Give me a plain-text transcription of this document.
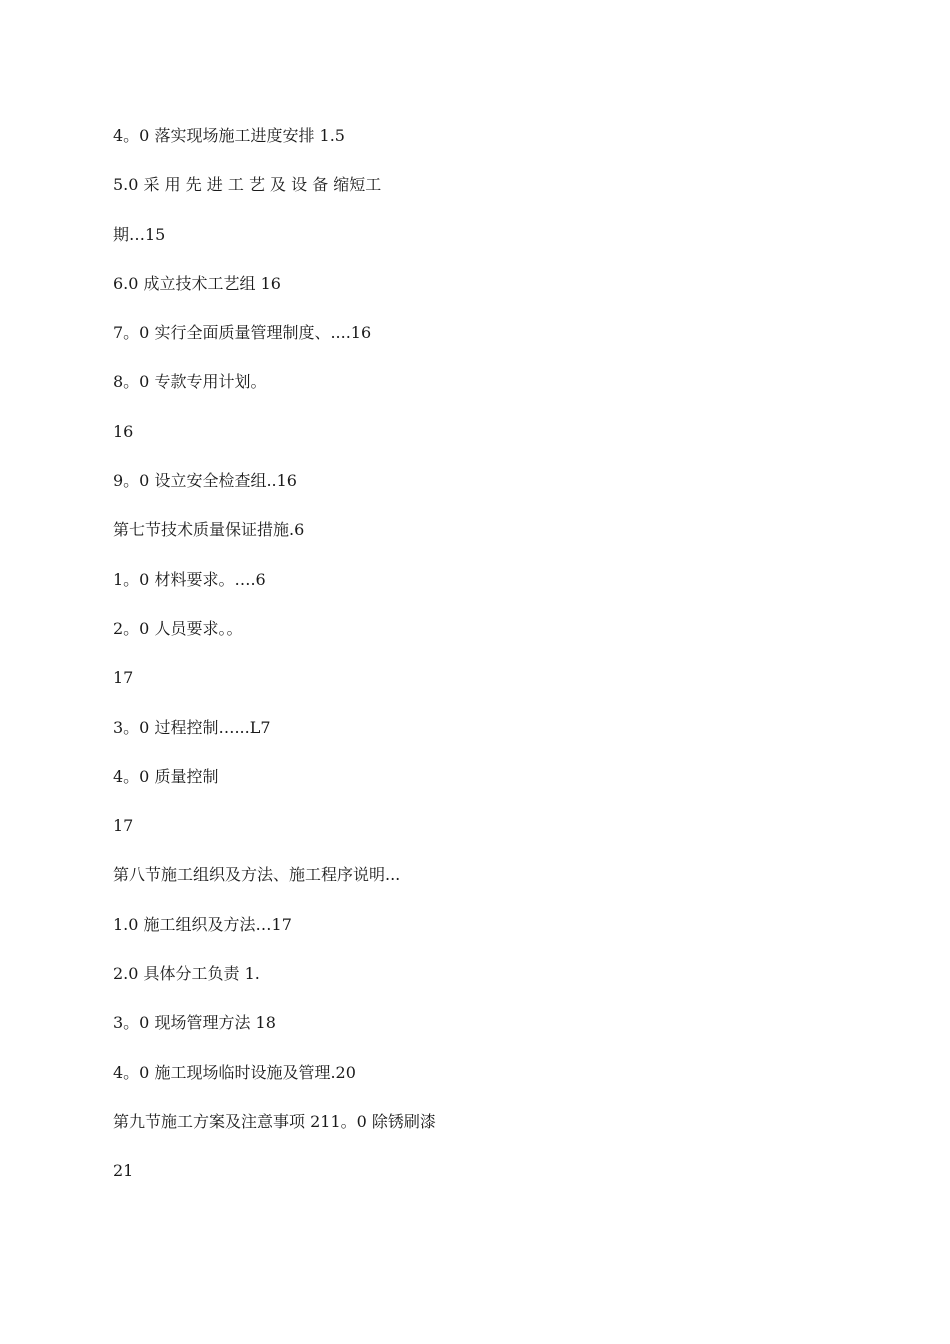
4。0 落实现场施工进度安排 1.5
5.0 采 用 先 进 工 艺 及 设 备 缩短工
期…15
6.0 成立技术工艺组 16
7。0 实行全面质量管理制度、....16
8。0 专款专用计划。
16
9。0 设立安全检查组..16
第七节技术质量保证措施.6
1。0 材料要求。….6
2。0 人员要求。。
17
3。0 过程控制…...L7
4。0 质量控制
17
第八节施工组织及方法、施工程序说明...
1.0 施工组织及方法…17
2.0 具体分工负责 1.
3。0 现场管理方法 18
4。0 施工现场临时设施及管理.20
第九节施工方案及注意事项 211。0 除锈刷漆
21
